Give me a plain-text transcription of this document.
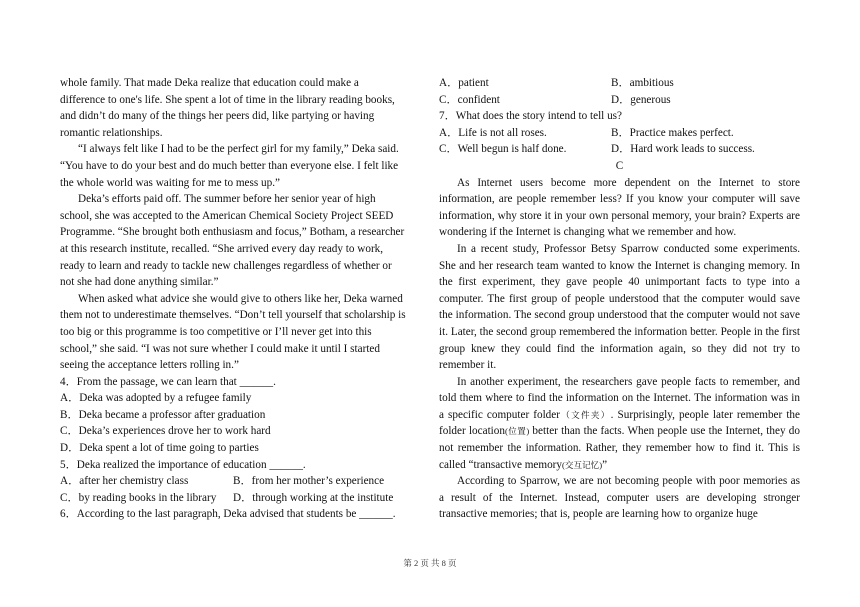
whole family. That made Deka realize that education could make a
difference to one's life. She spent a lot of time in the library reading books,
and didn’t do many of the things her peers did, like partying or having
romantic relationships.
“I always felt like I had to be the perfect girl for my family,” Deka said.
“You have to do your best and do much better than everyone else. I felt like
the whole world was waiting for me to mess up.”
Deka’s efforts paid off. The summer before her senior year of high
school, she was accepted to the American Chemical Society Project SEED
Programme. “She brought both enthusiasm and focus,” Botham, a researcher
at this research institute, recalled. “She arrived every day ready to work,
ready to learn and ready to tackle new challenges regardless of whether or
not she had done anything similar.”
When asked what advice she would give to others like her, Deka warned
them not to underestimate themselves. “Don’t tell yourself that scholarship is
too big or this programme is too competitive or I’ll never get into this
school,” she said. “I was not sure whether I could make it until I started
seeing the acceptance letters rolling in.”
4．From the passage, we can learn that ______.
A．Deka was adopted by a refugee family
B．Deka became a professor after graduation
C．Deka’s experiences drove her to work hard
D．Deka spent a lot of time going to parties
5．Deka realized the importance of education ______.
A．after her chemistry class	B．from her mother’s experience
C．by reading books in the library	D．through working at the institute
6．According to the last paragraph, Deka advised that students be ______.
A．patient	B．ambitious
C．confident	D．generous
7．What does the story intend to tell us?
A．Life is not all roses.	B．Practice makes perfect.
C．Well begun is half done.	D．Hard work leads to success.
C

As Internet users become more dependent on the Internet to store information, are people remember less? If you know your computer will save information, why store it in your own personal memory, your brain? Experts are wondering if the Internet is changing what we remember and how.

In a recent study, Professor Betsy Sparrow conducted some experiments. She and her research team wanted to know the Internet is changing memory. In the first experiment, they gave people 40 unimportant facts to type into a computer. The first group of people understood that the computer would save the information. The second group understood that the computer would not save it. Later, the second group remembered the information better. People in the first group knew they could find the information again, so they did not try to remember it.

In another experiment, the researchers gave people facts to remember, and told them where to find the information on the Internet. The information was in a specific computer folder（文件夹）. Surprisingly, people later remember the folder location(位置) better than the facts. When people use the Internet, they do not remember the information. Rather, they remember how to find it. This is called “transactive memory(交互记忆)”

According to Sparrow, we are not becoming people with poor memories as a result of the Internet. Instead, computer users are developing stronger transactive memories; that is, people are learning how to organize huge

第 2 页 共 8 页
